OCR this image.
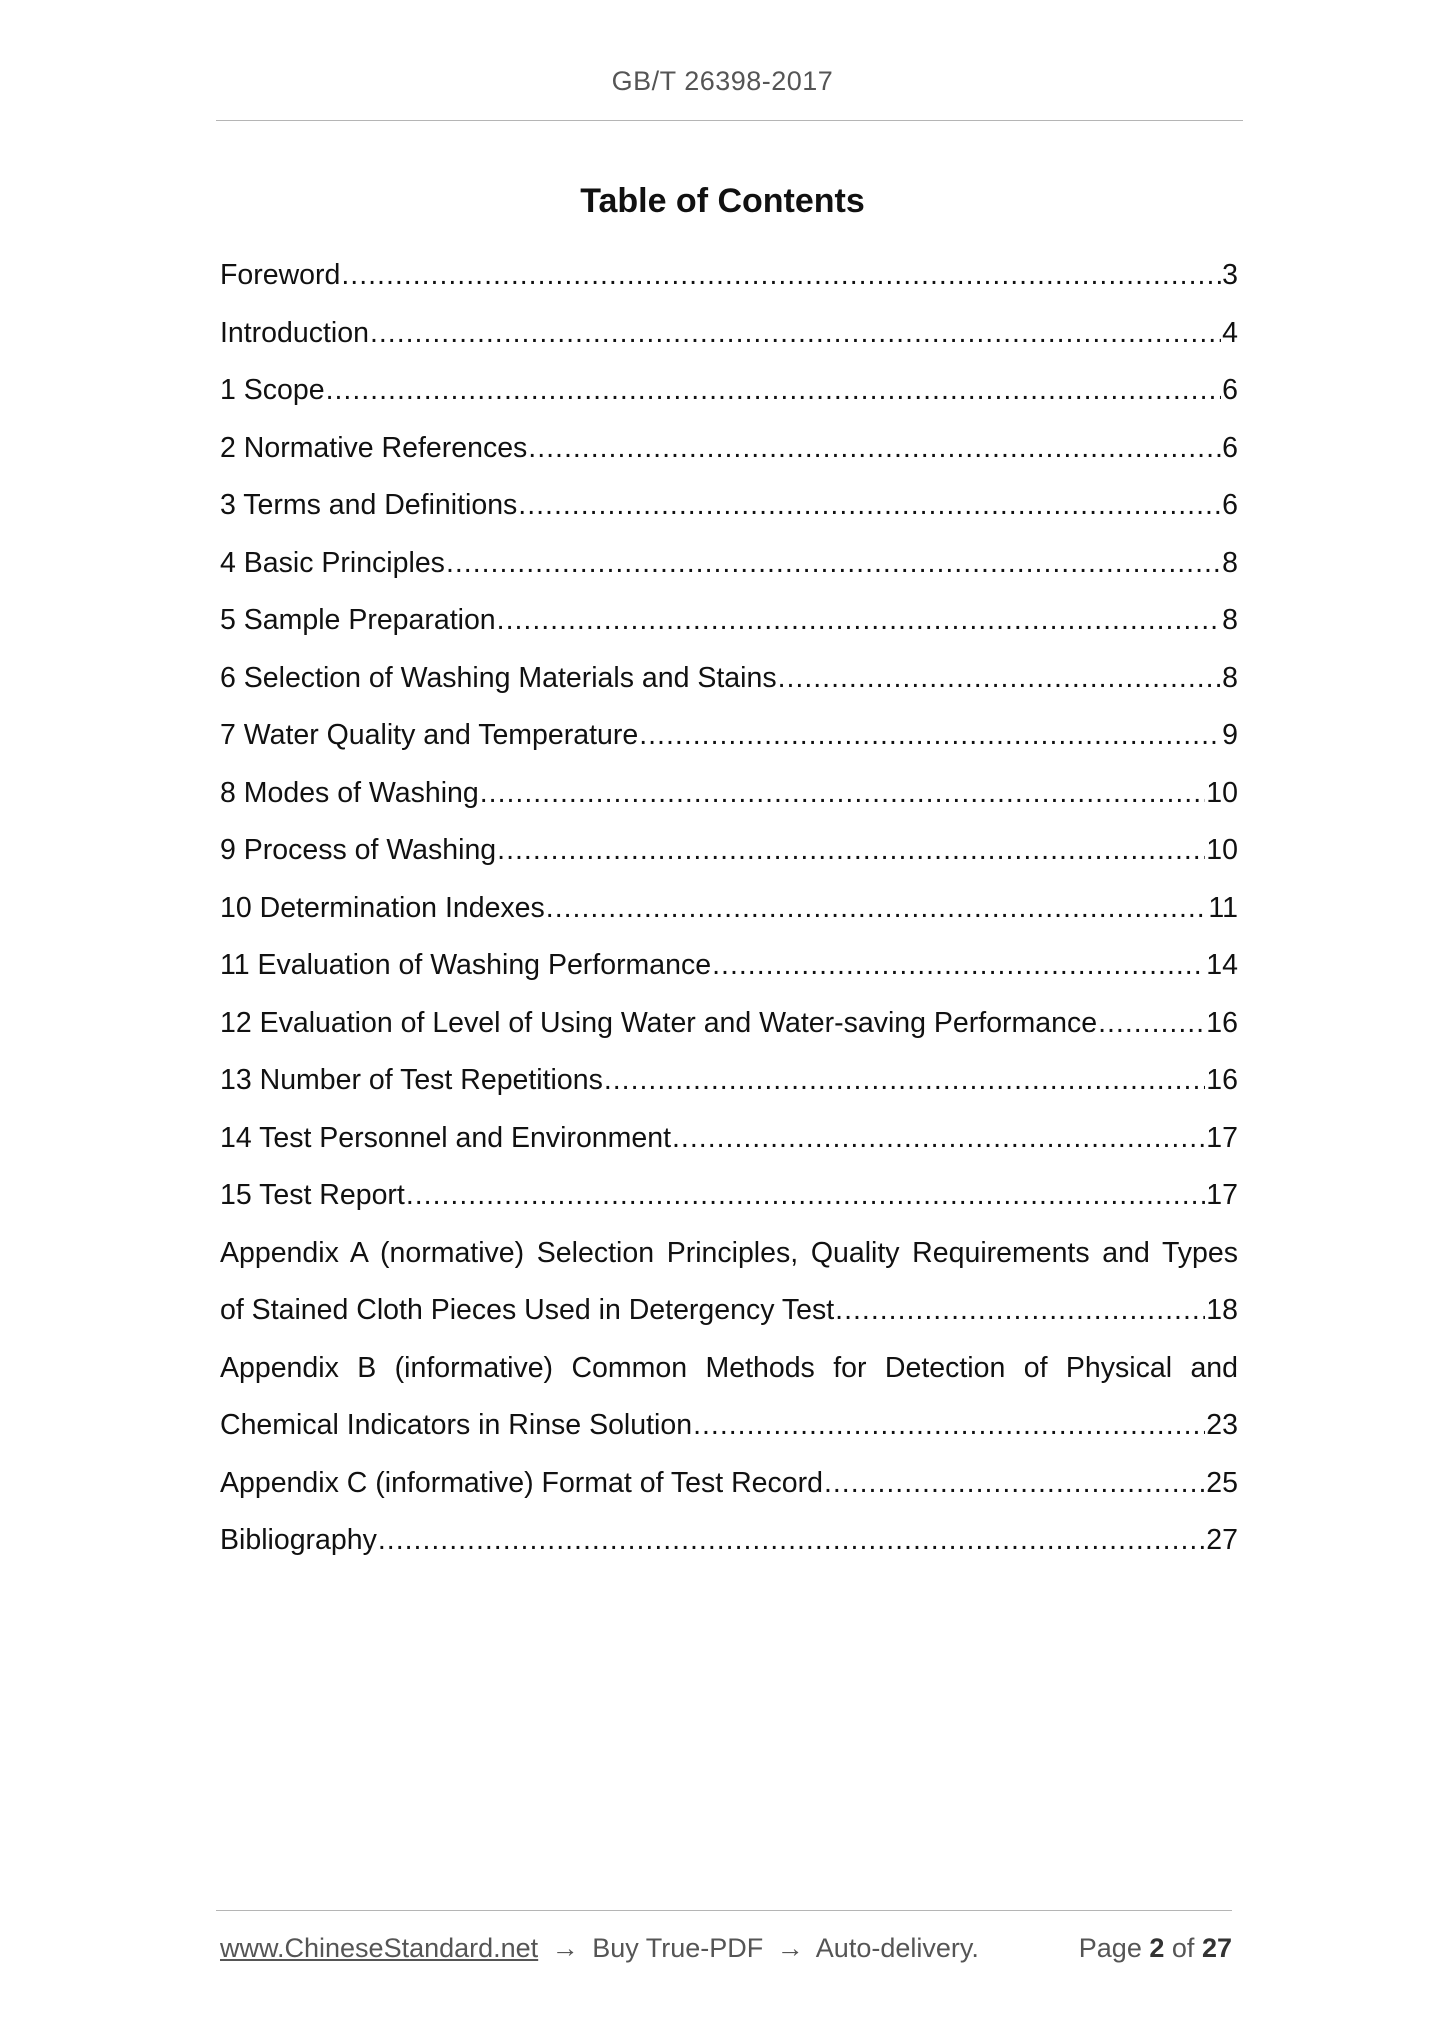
GB/T 26398-2017
Table of Contents
Foreword .....	3
Introduction .....	4
1 Scope .....	6
2 Normative References .....	6
3 Terms and Definitions .....	6
4 Basic Principles .....	8
5 Sample Preparation .....	8
6 Selection of Washing Materials and Stains .....	8
7 Water Quality and Temperature .....	9
8 Modes of Washing .....	10
9 Process of Washing .....	10
10 Determination Indexes .....	11
11 Evaluation of Washing Performance .....	14
12 Evaluation of Level of Using Water and Water-saving Performance .....	16
13 Number of Test Repetitions .....	16
14 Test Personnel and Environment .....	17
15 Test Report .....	17
Appendix A (normative) Selection Principles, Quality Requirements and Types
of Stained Cloth Pieces Used in Detergency Test .....	18
Appendix B (informative) Common Methods for Detection of Physical and
Chemical Indicators in Rinse Solution .....	23
Appendix C (informative) Format of Test Record .....	25
Bibliography .....	27
www.ChineseStandard.net → Buy True-PDF → Auto-delivery.	Page 2 of 27
